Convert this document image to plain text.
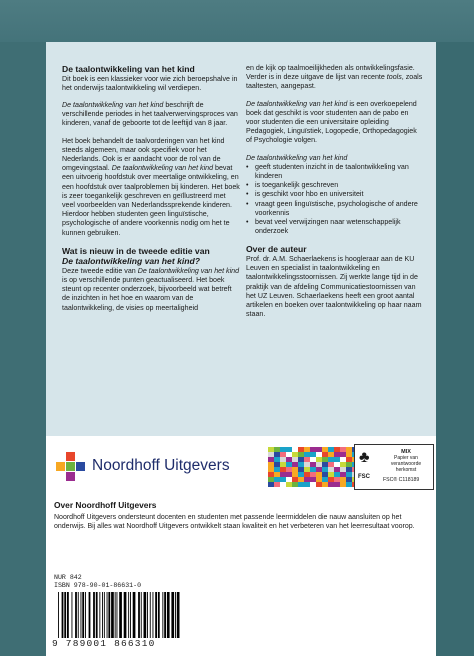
De taalontwikkeling van het kind

Dit boek is een klassieker voor wie zich beroepshalve in het onderwijs taalontwikkeling wil verdiepen.

De taalontwikkeling van het kind beschrijft de verschillende periodes in het taalverwervingsproces van kinderen, vanaf de geboorte tot de leeftijd van 8 jaar.

Het boek behandelt de taalvorderingen van het kind steeds algemeen, maar ook specifiek voor het Nederlands. Ook is er aandacht voor de rol van de omgevingstaal. De taalontwikkeling van het kind bevat een uitvoerig hoofdstuk over meertalige ontwikkeling, en een hoofdstuk over taalproblemen bij kinderen. Het boek is zeer toegankelijk geschreven en geïllustreerd met veel voorbeelden van Nederlandssprekende kinderen. Hierdoor hebben studenten geen linguïstische, psychologische of andere voorkennis nodig om het te kunnen gebruiken.

Wat is nieuw in de tweede editie van
De taalontwikkeling van het kind?

Deze tweede editie van De taalontwikkeling van het kind is op verschillende punten geactualiseerd. Het boek steunt op recenter onderzoek, bijvoorbeeld wat betreft de inzichten in het hoe en waarom van de taalontwikkeling, de visies op meertaligheid

en de kijk op taalmoeilijkheden als ontwikkelingsfasie. Verder is in deze uitgave de lijst van recente tools, zoals taaltesten, aangepast.

De taalontwikkeling van het kind is een overkoepelend boek dat geschikt is voor studenten aan de pabo en voor studenten die een universitaire opleiding Pedagogiek, Linguïstiek, Logopedie, Orthopedagogiek of Psychologie volgen.

De taalontwikkeling van het kind
• geeft studenten inzicht in de taalontwikkeling van kinderen
• is toegankelijk geschreven
• is geschikt voor hbo en universiteit
• vraagt geen linguïstische, psychologische of andere voorkennis
• bevat veel verwijzingen naar wetenschappelijk onderzoek
Over de auteur

Prof. dr. A.M. Schaerlaekens is hoogleraar aan de KU Leuven en specialist in taalontwikkeling en taalontwikkelingsstoornissen. Zij werkte lange tijd in de praktijk van de afdeling Communicatiestoornissen van het UZ Leuven. Schaerlaekens heeft een groot aantal artikelen en boeken over taalontwikkeling op haar naam staan.

Noordhoff Uitgevers	♣
FSC
MIX
Papier van
verantwoorde herkomst
FSC® C118189
Over Noordhoff Uitgevers
Noordhoff Uitgevers ondersteunt docenten en studenten met passende leermiddelen die nauw aansluiten op het onderwijs. Bij alles wat Noordhoff Uitgevers ontwikkelt staan kwaliteit en het verbeteren van het leerresultaat voorop.
NUR 842
ISBN 978-90-01-86631-0
9 789001 866310
